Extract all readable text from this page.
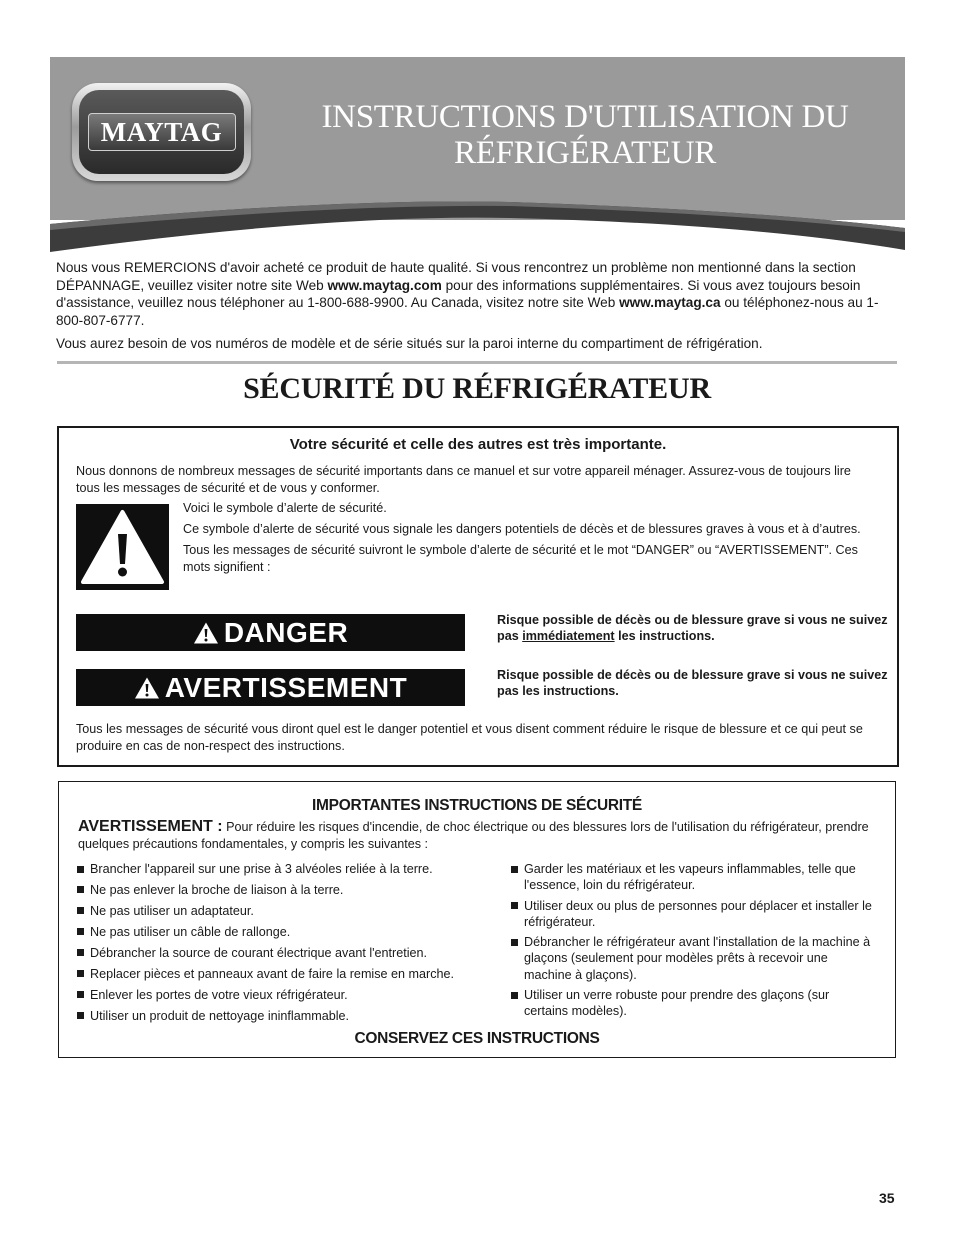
MAYTAG	INSTRUCTIONS D'UTILISATION DU
RÉFRIGÉRATEUR

Nous vous REMERCIONS d'avoir acheté ce produit de haute qualité. Si vous rencontrez un problème non mentionné dans la section DÉPANNAGE, veuillez visiter notre site Web www.maytag.com pour des informations supplémentaires. Si vous avez toujours besoin d'assistance, veuillez nous téléphoner au 1-800-688-9900. Au Canada, visitez notre site Web www.maytag.ca ou téléphonez-nous au 1-800-807-6777.

Vous aurez besoin de vos numéros de modèle et de série situés sur la paroi interne du compartiment de réfrigération.

SÉCURITÉ DU RÉFRIGÉRATEUR
Votre sécurité et celle des autres est très importante.
Nous donnons de nombreux messages de sécurité importants dans ce manuel et sur votre appareil ménager. Assurez-vous de toujours lire tous les messages de sécurité et de vous y conformer.

Voici le symbole d’alerte de sécurité.

Ce symbole d’alerte de sécurité vous signale les dangers potentiels de décès et de blessures graves à vous et à d’autres.

Tous les messages de sécurité suivront le symbole d’alerte de sécurité et le mot “DANGER” ou “AVERTISSEMENT”. Ces mots signifient :

DANGER	Risque possible de décès ou de blessure grave si vous ne suivez pas immédiatement les instructions.
AVERTISSEMENT	Risque possible de décès ou de blessure grave si vous ne suivez pas les instructions.
Tous les messages de sécurité vous diront quel est le danger potentiel et vous disent comment réduire le risque de blessure et ce qui peut se produire en cas de non-respect des instructions.
IMPORTANTES INSTRUCTIONS DE SÉCURITÉ
AVERTISSEMENT : Pour réduire les risques d'incendie, de choc électrique ou des blessures lors de l'utilisation du réfrigérateur, prendre quelques précautions fondamentales, y compris les suivantes :
Brancher l'appareil sur une prise à 3 alvéoles reliée à la terre.
Ne pas enlever la broche de liaison à la terre.
Ne pas utiliser un adaptateur.
Ne pas utiliser un câble de rallonge.
Débrancher la source de courant électrique avant l'entretien.
Replacer pièces et panneaux avant de faire la remise en marche.
Enlever les portes de votre vieux réfrigérateur.
Utiliser un produit de nettoyage ininflammable.
Garder les matériaux et les vapeurs inflammables, telle que l'essence, loin du réfrigérateur.
Utiliser deux ou plus de personnes pour déplacer et installer le réfrigérateur.
Débrancher le réfrigérateur avant l'installation de la machine à glaçons (seulement pour modèles prêts à recevoir une machine à glaçons).
Utiliser un verre robuste pour prendre des glaçons (sur certains modèles).
CONSERVEZ CES INSTRUCTIONS
35
